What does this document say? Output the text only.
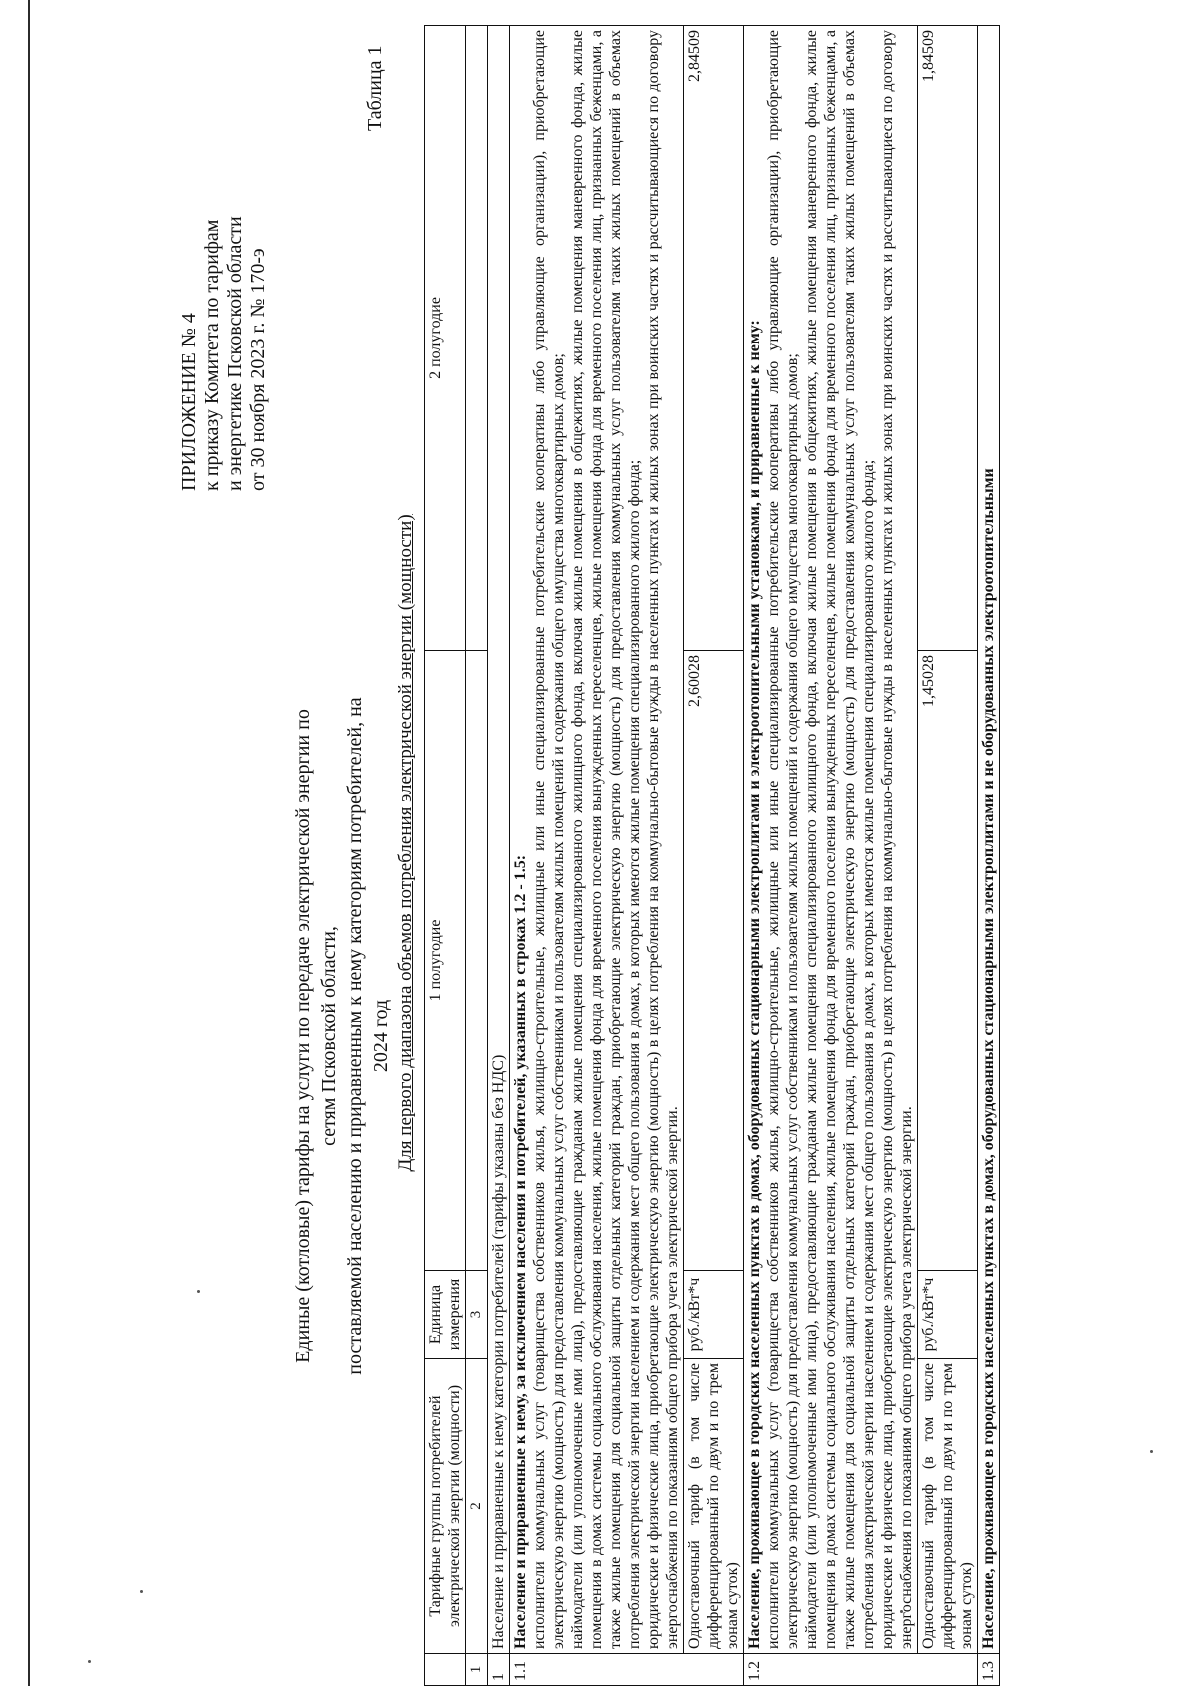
ПРИЛОЖЕНИЕ № 4 к приказу Комитета по тарифам и энергетике Псковской области от 30 ноября 2023 г. № 170-э
Таблица 1
Единые (котловые) тарифы на услуги по передаче электрической энергии по сетям Псковской области, поставляемой населению и приравненным к нему категориям потребителей, на 2024 год Для первого диапазона объемов потребления электрической энергии (мощности)
	Тарифные группы потребителей электрической энергии (мощности)	Единица измерения	1 полугодие	2 полугодие
1	2	3		
1	Население и приравненные к нему категории потребителей (тарифы указаны без НДС)			
1.1	Население и приравненные к нему, за исключением населения и потребителей, указанных в строках 1.2 - 1.5: исполнители коммунальных услуг (товарищества собственников жилья, жилищно-строительные, жилищные или иные специализированные потребительские кооперативы либо управляющие организации), приобретающие электрическую энергию (мощность) для предоставления коммунальных услуг собственникам и пользователям жилых помещений и содержания общего имущества многоквартирных домов; наймодатели (или уполномоченные ими лица), предоставляющие гражданам жилые помещения специализированного жилищного фонда, включая жилые помещения в общежитиях, жилые помещения маневренного фонда, жилые помещения в домах системы социального обслуживания населения, жилые помещения фонда для временного поселения вынужденных переселенцев, жилые помещения фонда для временного поселения лиц, признанных беженцами, а также жилые помещения для социальной защиты отдельных категорий граждан, приобретающие электрическую энергию (мощность) для предоставления коммунальных услуг пользователям таких жилых помещений в объемах потребления электрической энергии населением и содержания мест общего пользования в домах, в которых имеются жилые помещения специализированного жилого фонда; юридические и физические лица, приобретающие электрическую энергию (мощность) в целях потребления на коммунально-бытовые нужды в населенных пунктах и жилых зонах при воинских частях и рассчитывающиеся по договору энергоснабжения по показаниям общего прибора учета электрической энергии.			

	Одноставочный тариф (в том числе дифференцированный по двум и по трем зонам суток)	руб./кВт*ч	2,60028	2,84509
1.2	Население, проживающее в городских населенных пунктах в домах, оборудованных стационарными электроплитами и электроотопительными установками, и приравненные к нему: исполнители коммунальных услуг (товарищества собственников жилья, жилищно-строительные, жилищные или иные специализированные потребительские кооперативы либо управляющие организации), приобретающие электрическую энергию (мощность) для предоставления коммунальных услуг собственникам и пользователям жилых помещений и содержания общего имущества многоквартирных домов; наймодатели (или уполномоченные ими лица), предоставляющие гражданам жилые помещения специализированного жилищного фонда, включая жилые помещения в общежитиях, жилые помещения маневренного фонда, жилые помещения в домах системы социального обслуживания населения, жилые помещения фонда для временного поселения вынужденных переселенцев, жилые помещения фонда для временного поселения лиц, признанных беженцами, а также жилые помещения для социальной защиты отдельных категорий граждан, приобретающие электрическую энергию (мощность) для предоставления коммунальных услуг пользователям таких жилых помещений в объемах потребления электрической энергии населением и содержания мест общего пользования в домах, в которых имеются жилые помещения специализированного жилого фонда; юридические и физические лица, приобретающие электрическую энергию (мощность) в целях потребления на коммунально-бытовые нужды в населенных пунктах и жилых зонах при воинских частях и рассчитывающиеся по договору энергоснабжения по показаниям общего прибора учета электрической энергии.			

	Одноставочный тариф (в том числе дифференцированный по двум и по трем зонам суток)	руб./кВт*ч	1,45028	1,84509
1.3	Население, проживающее в городских населенных пунктах в домах, оборудованных стационарными электроплитами и не оборудованных электроотопительными			
